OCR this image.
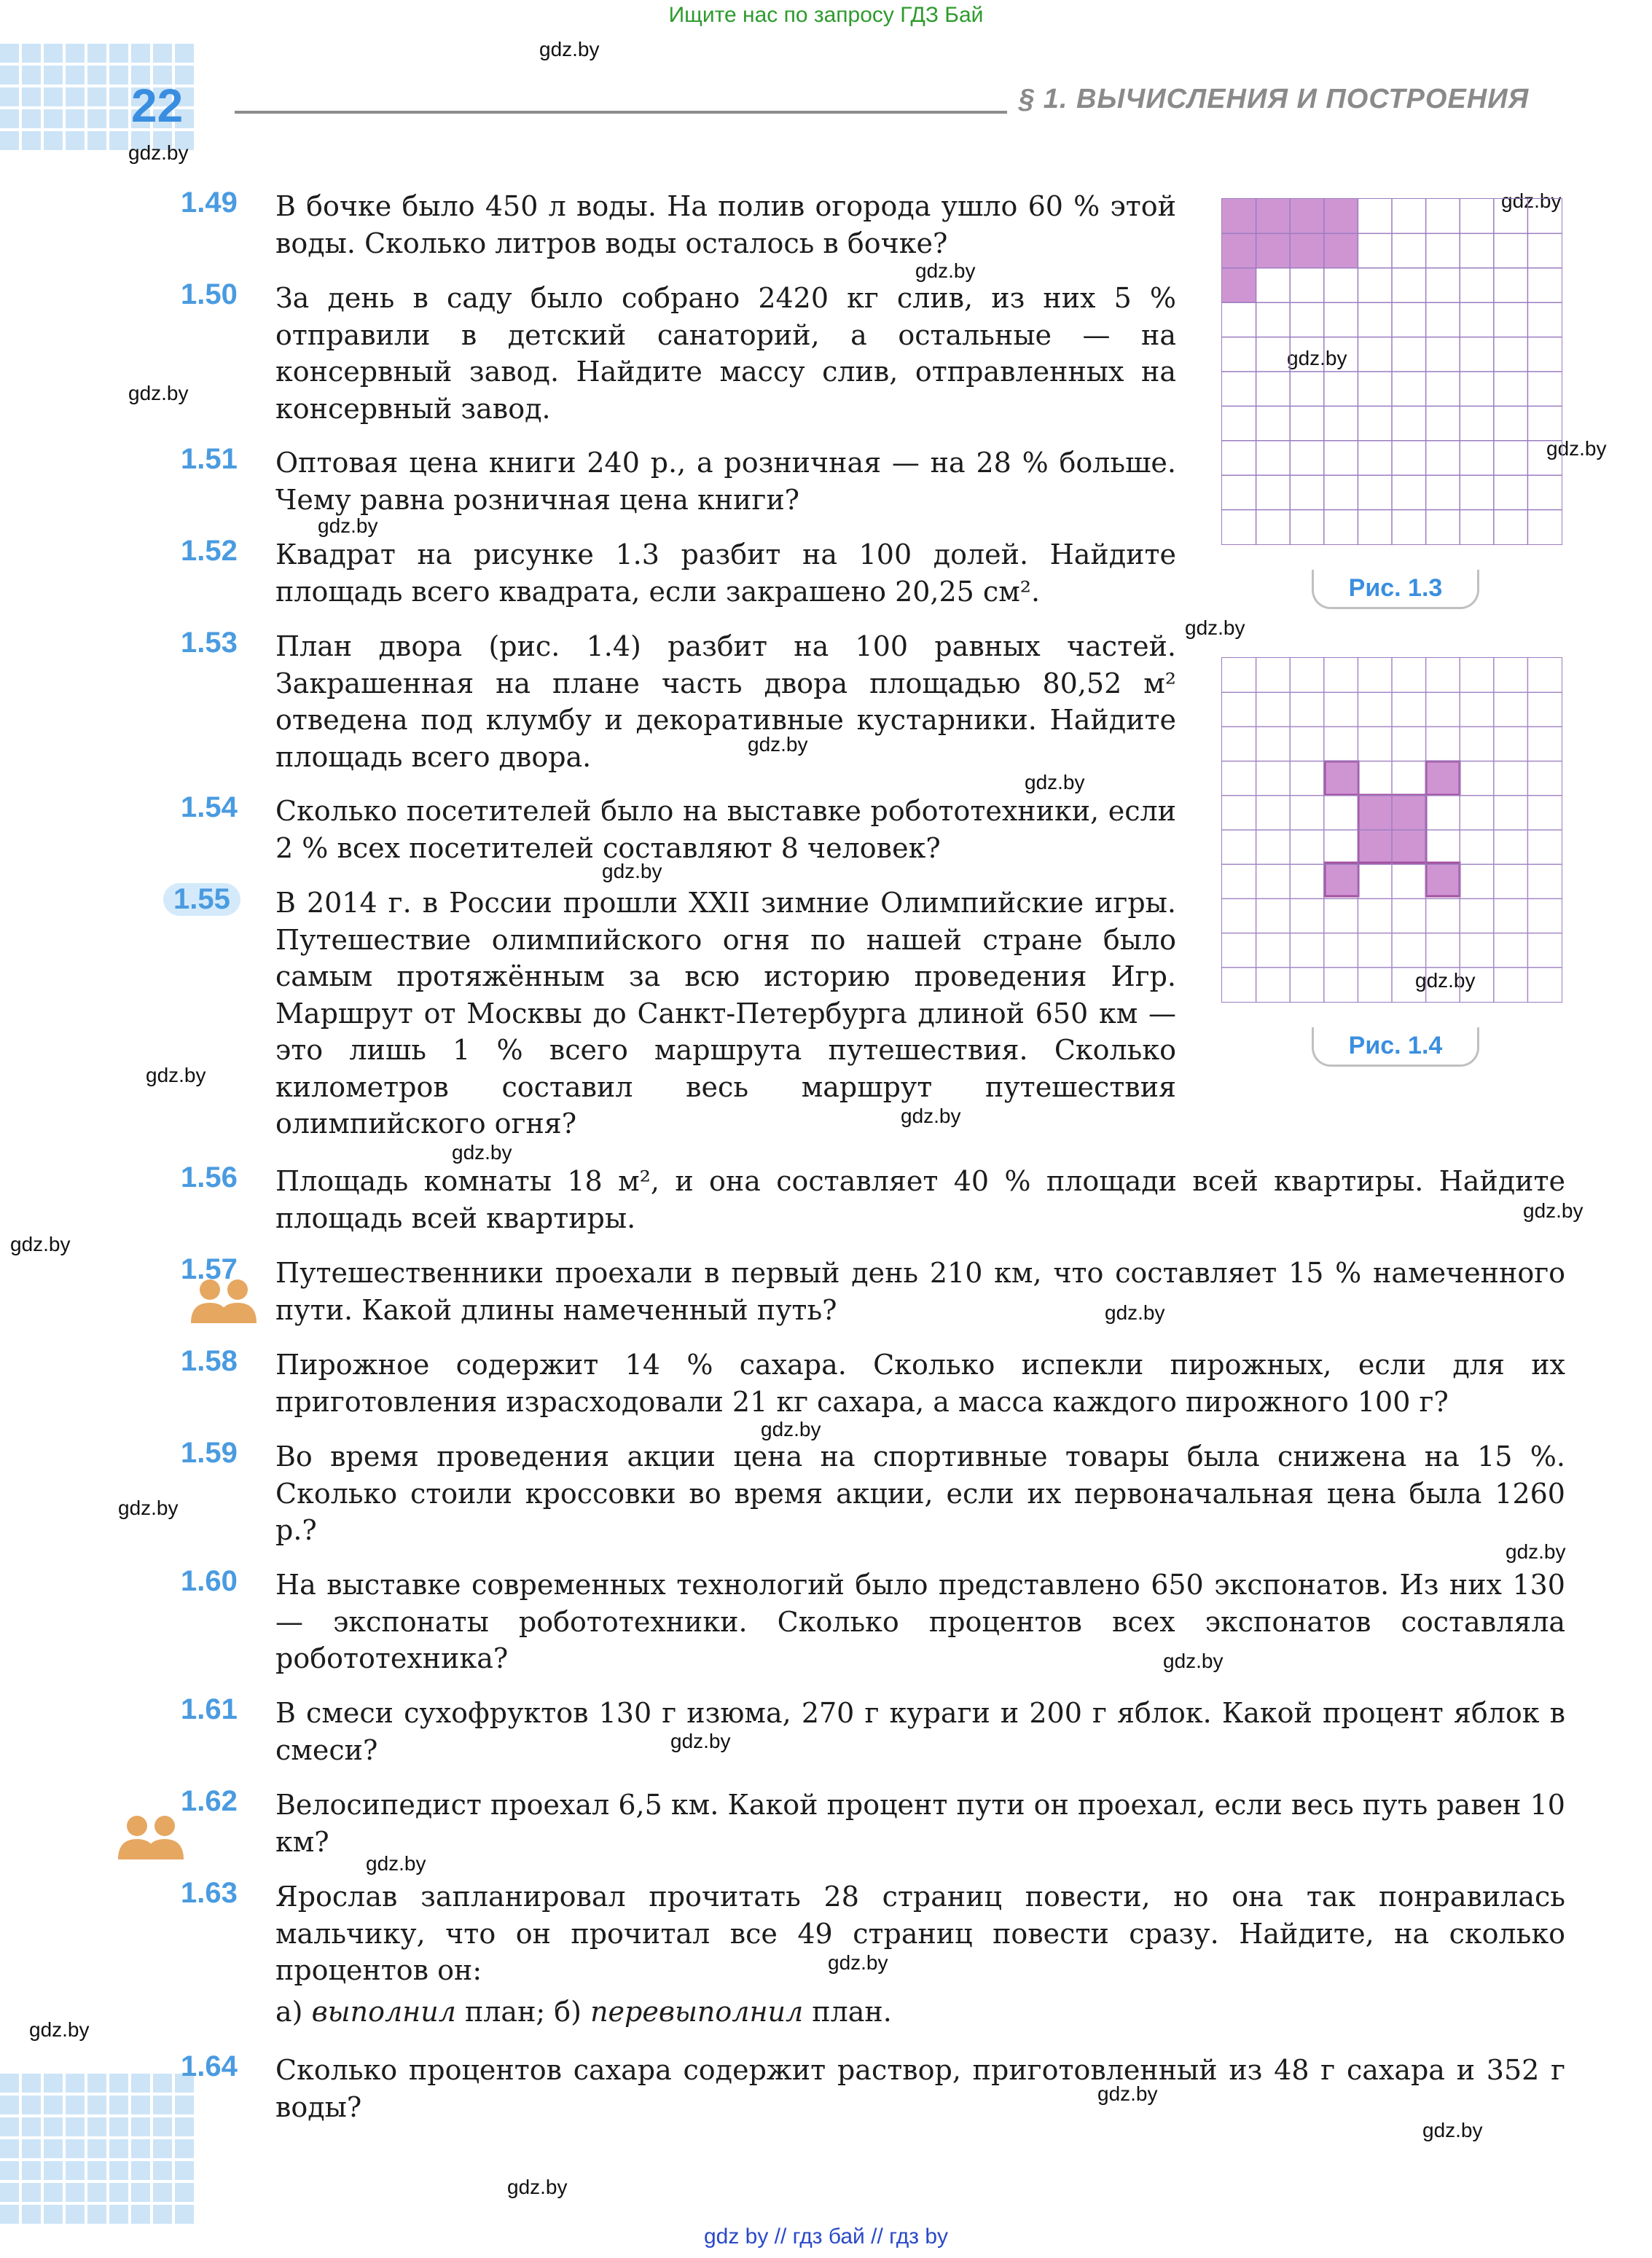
Ищите нас по запросу ГДЗ Бай
22	§ 1. ВЫЧИСЛЕНИЯ И ПОСТРОЕНИЯ
gdz.by
gdz.by
gdz.by
gdz.by
gdz.by
gdz.by
gdz.by
gdz.by
gdz.by
gdz.by
gdz.by
gdz.by
gdz.by
gdz.by
gdz.by
gdz.by
gdz.by
gdz.by
gdz.by
gdz.by
gdz.by
gdz.by
gdz.by
gdz.by
gdz.by
gdz.by
gdz.by
gdz.by
gdz.by
gdz.by
Рис. 1.3
Рис. 1.4
1.49 В бочке было 450 л воды. На полив огорода ушло 60 % этой воды. Сколько литров воды осталось в бочке?
1.50 За день в саду было собрано 2420 кг слив, из них 5 % отправили в детский санаторий, а остальные — на консервный завод. Найдите массу слив, отправленных на консервный завод.
1.51 Оптовая цена книги 240 р., а розничная — на 28 % больше. Чему равна розничная цена книги?
1.52 Квадрат на рисунке 1.3 разбит на 100 долей. Найдите площадь всего квадрата, если закрашено 20,25 см².
1.53 План двора (рис. 1.4) разбит на 100 равных частей. Закрашенная на плане часть двора площадью 80,52 м² отведена под клумбу и декоративные кустарники. Найдите площадь всего двора.
1.54 Сколько посетителей было на выставке робототехники, если 2 % всех посетителей составляют 8 человек?
1.55	В 2014 г. в России прошли XXII зимние Олимпийские игры. Путешествие олимпийского огня по нашей стране было самым протяжённым за всю историю проведения Игр. Маршрут от Москвы до Санкт-Петербурга длиной 650 км — это лишь 1 % всего маршрута путешествия. Сколько километров составил весь маршрут путешествия олимпийского огня?
1.56 Площадь комнаты 18 м², и она составляет 40 % площади всей квартиры. Найдите площадь всей квартиры.
1.57 Путешественники проехали в первый день 210 км, что составляет 15 % намеченного пути. Какой длины намеченный путь?
1.58 Пирожное содержит 14 % сахара. Сколько испекли пирожных, если для их приготовления израсходовали 21 кг сахара, а масса каждого пирожного 100 г?
1.59 Во время проведения акции цена на спортивные товары была снижена на 15 %. Сколько стоили кроссовки во время акции, если их первоначальная цена была 1260 р.?
1.60 На выставке современных технологий было представлено 650 экспонатов. Из них 130 — экспонаты робототехники. Сколько процентов всех экспонатов составляла робототехника?
1.61 В смеси сухофруктов 130 г изюма, 270 г кураги и 200 г яблок. Какой процент яблок в смеси?
1.62 Велосипедист проехал 6,5 км. Какой процент пути он проехал, если весь путь равен 10 км?
1.63 Ярослав запланировал прочитать 28 страниц повести, но она так понравилась мальчику, что он прочитал все 49 страниц повести сразу. Найдите, на сколько процентов он:
а) выполнил план; б) перевыполнил план.
1.64 Сколько процентов сахара содержит раствор, приготовленный из 48 г сахара и 352 г воды?
gdz by // гдз бай // гдз by
